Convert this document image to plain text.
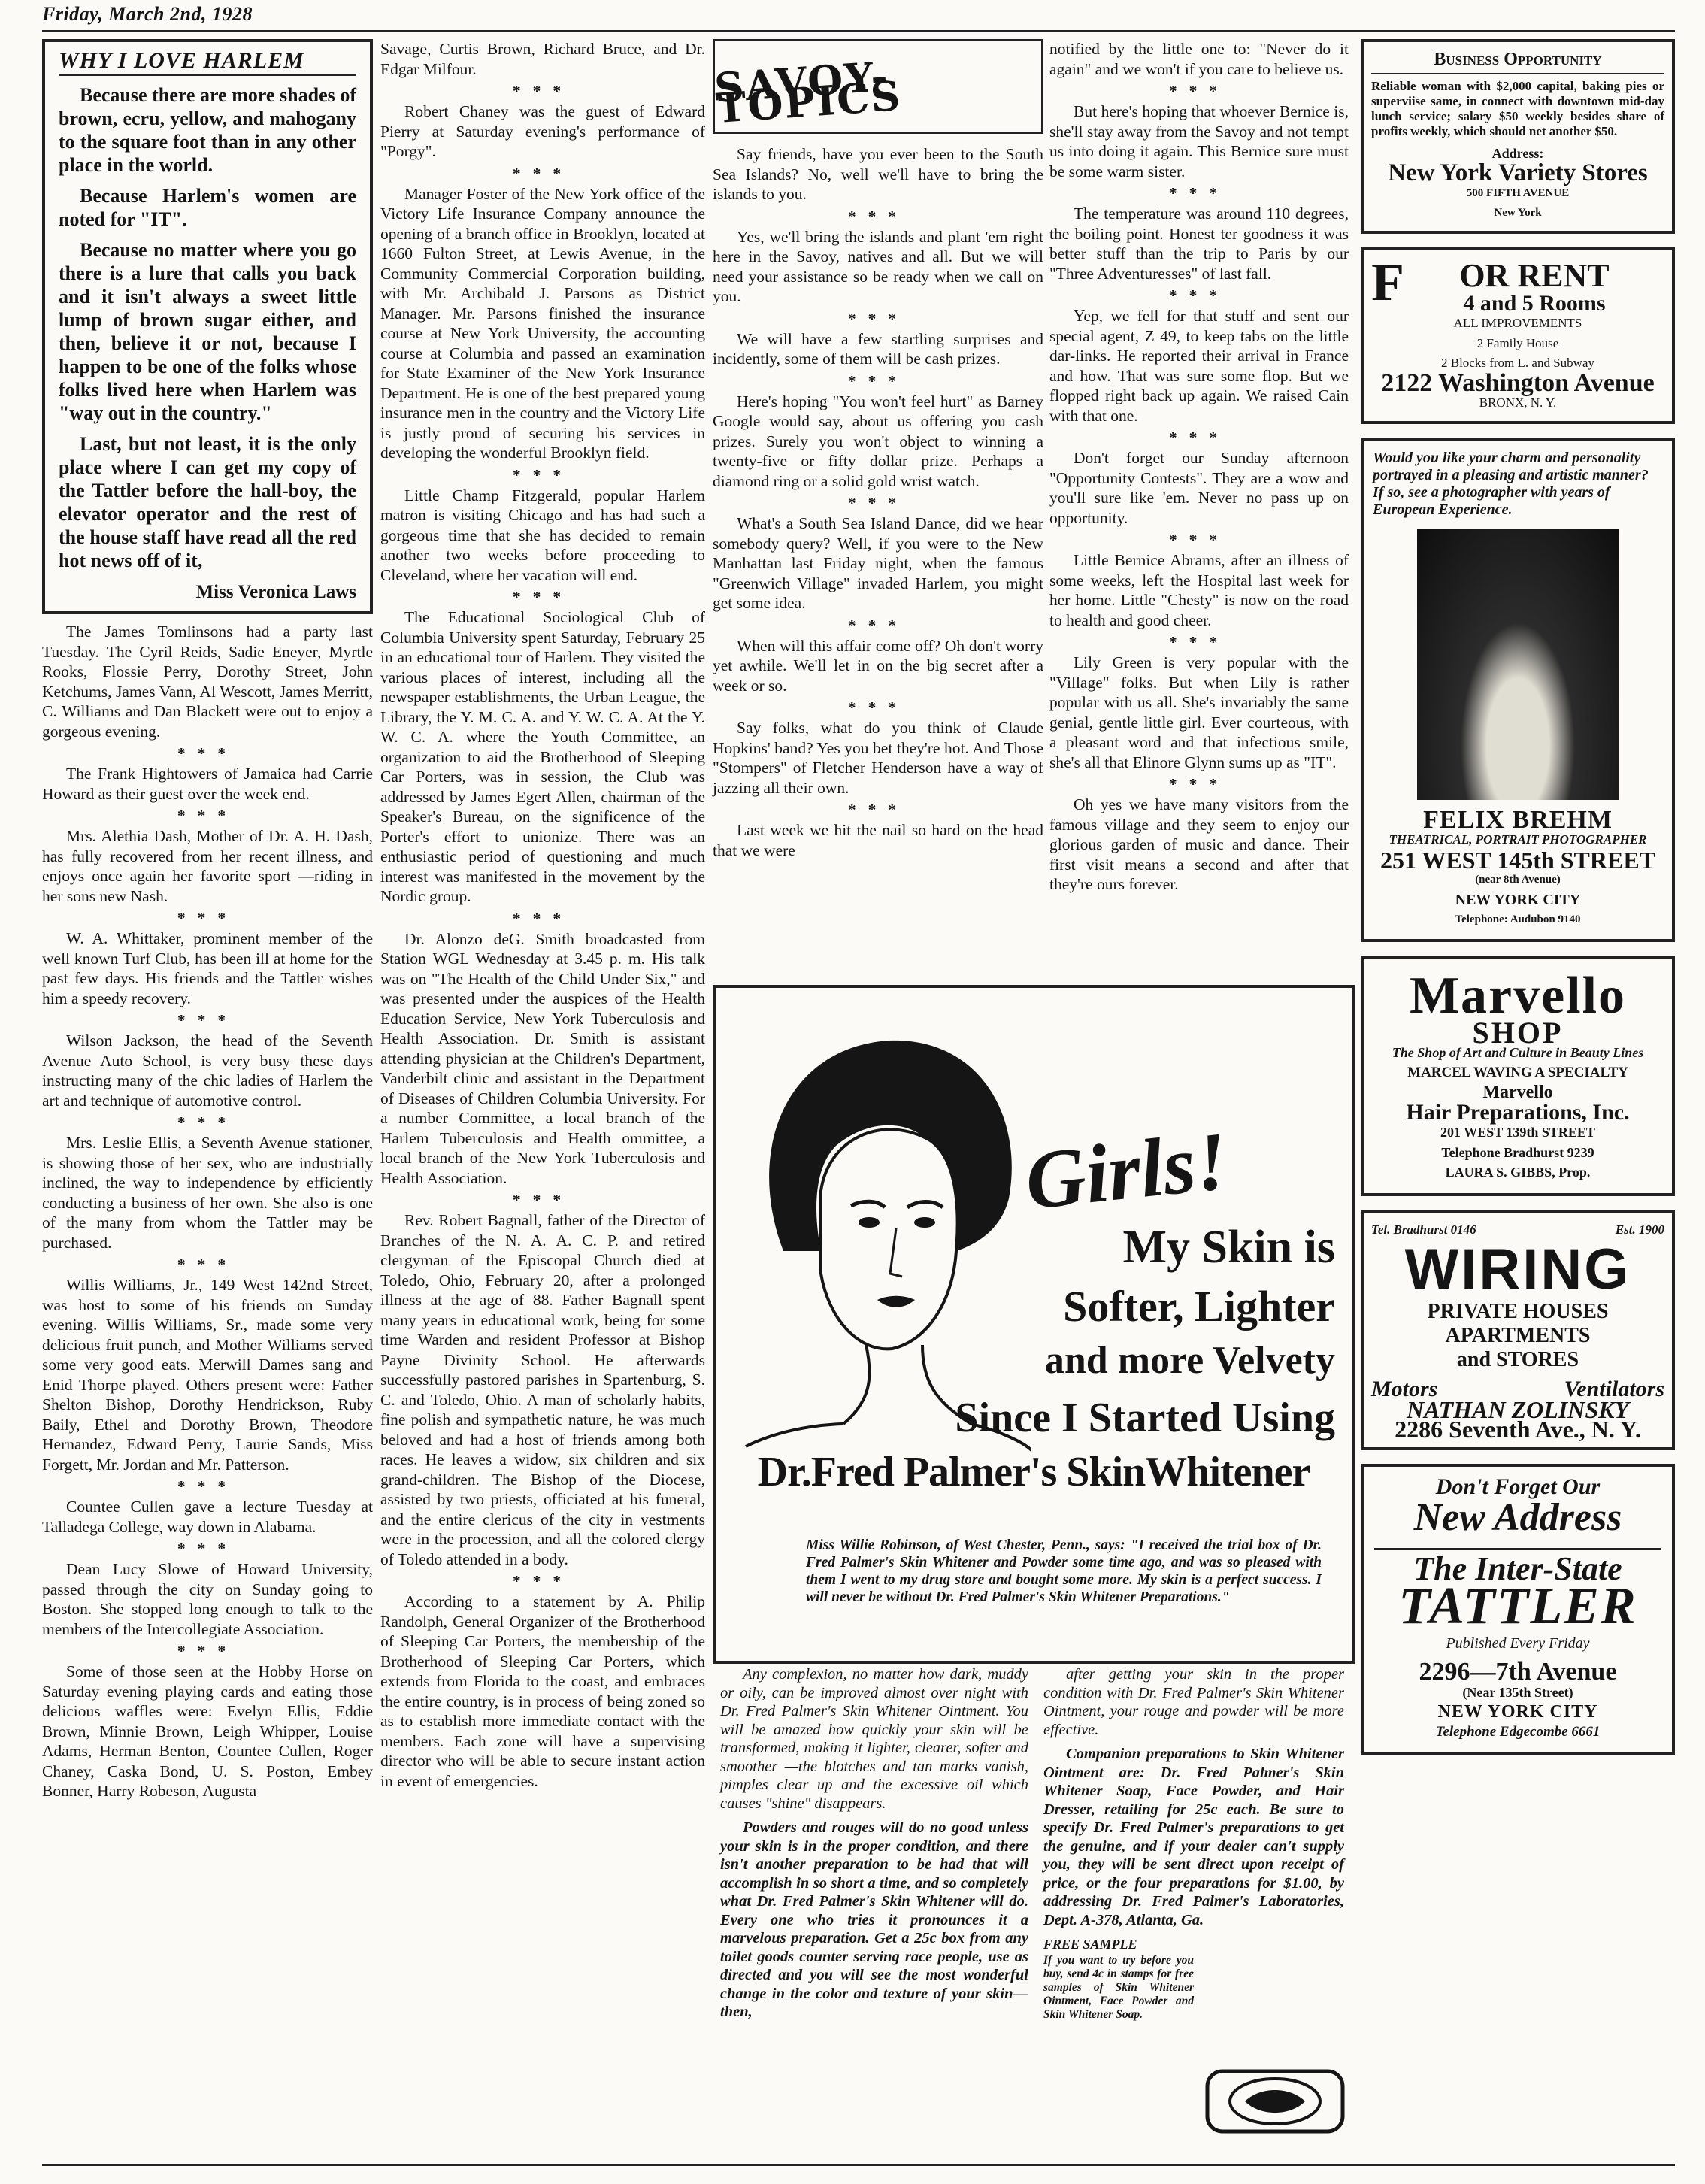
Friday, March 2nd, 1928
WHY I LOVE HARLEM

Because there are more shades of brown, ecru, yellow, and mahogany to the square foot than in any other place in the world.

Because Harlem's women are noted for "IT".

Because no matter where you go there is a lure that calls you back and it isn't always a sweet little lump of brown sugar either, and then, believe it or not, because I happen to be one of the folks whose folks lived here when Harlem was "way out in the country."

Last, but not least, it is the only place where I can get my copy of the Tattler before the hall-boy, the elevator operator and the rest of the house staff have read all the red hot news off of it,

Miss Veronica Laws

The James Tomlinsons had a party last Tuesday. The Cyril Reids, Sadie Eneyer, Myrtle Rooks, Flossie Perry, Dorothy Street, John Ketchums, James Vann, Al Wescott, James Merritt, C. Williams and Dan Blackett were out to enjoy a gorgeous evening.

***

The Frank Hightowers of Jamaica had Carrie Howard as their guest over the week end.

***

Mrs. Alethia Dash, Mother of Dr. A. H. Dash, has fully recovered from her recent illness, and enjoys once again her favorite sport —riding in her sons new Nash.

***

W. A. Whittaker, prominent member of the well known Turf Club, has been ill at home for the past few days. His friends and the Tattler wishes him a speedy recovery.

***

Wilson Jackson, the head of the Seventh Avenue Auto School, is very busy these days instructing many of the chic ladies of Harlem the art and technique of automotive control.

***

Mrs. Leslie Ellis, a Seventh Avenue stationer, is showing those of her sex, who are industrially inclined, the way to independence by efficiently conducting a business of her own. She also is one of the many from whom the Tattler may be purchased.

***

Willis Williams, Jr., 149 West 142nd Street, was host to some of his friends on Sunday evening. Willis Williams, Sr., made some very delicious fruit punch, and Mother Williams served some very good eats. Merwill Dames sang and Enid Thorpe played. Others present were: Father Shelton Bishop, Dorothy Hendrickson, Ruby Baily, Ethel and Dorothy Brown, Theodore Hernandez, Edward Perry, Laurie Sands, Miss Forgett, Mr. Jordan and Mr. Patterson.

***

Countee Cullen gave a lecture Tuesday at Talladega College, way down in Alabama.

***

Dean Lucy Slowe of Howard University, passed through the city on Sunday going to Boston. She stopped long enough to talk to the members of the Intercollegiate Association.

***

Some of those seen at the Hobby Horse on Saturday evening playing cards and eating those delicious waffles were: Evelyn Ellis, Eddie Brown, Minnie Brown, Leigh Whipper, Louise Adams, Herman Benton, Countee Cullen, Roger Chaney, Caska Bond, U. S. Poston, Embey Bonner, Harry Robeson, Augusta

Savage, Curtis Brown, Richard Bruce, and Dr. Edgar Milfour.

***

Robert Chaney was the guest of Edward Pierry at Saturday evening's performance of "Porgy".

***

Manager Foster of the New York office of the Victory Life Insurance Company announce the opening of a branch office in Brooklyn, located at 1660 Fulton Street, at Lewis Avenue, in the Community Commercial Corporation building, with Mr. Archibald J. Parsons as District Manager. Mr. Parsons finished the insurance course at New York University, the accounting course at Columbia and passed an examination for State Examiner of the New York Insurance Department. He is one of the best prepared young insurance men in the country and the Victory Life is justly proud of securing his services in developing the wonderful Brooklyn field.

***

Little Champ Fitzgerald, popular Harlem matron is visiting Chicago and has had such a gorgeous time that she has decided to remain another two weeks before proceeding to Cleveland, where her vacation will end.

***

The Educational Sociological Club of Columbia University spent Saturday, February 25 in an educational tour of Harlem. They visited the various places of interest, including all the newspaper establishments, the Urban League, the Library, the Y. M. C. A. and Y. W. C. A. At the Y. W. C. A. where the Youth Committee, an organization to aid the Brotherhood of Sleeping Car Porters, was in session, the Club was addressed by James Egert Allen, chairman of the Speaker's Bureau, on the significence of the Porter's effort to unionize. There was an enthusiastic period of questioning and much interest was manifested in the movement by the Nordic group.

***

Dr. Alonzo deG. Smith broadcasted from Station WGL Wednesday at 3.45 p. m. His talk was on "The Health of the Child Under Six," and was presented under the auspices of the Health Education Service, New York Tuberculosis and Health Association. Dr. Smith is assistant attending physician at the Children's Department, Vanderbilt clinic and assistant in the Department of Diseases of Children Columbia University. For a number Committee, a local branch of the Harlem Tuberculosis and Health ommittee, a local branch of the New York Tuberculosis and Health Association.

***

Rev. Robert Bagnall, father of the Director of Branches of the N. A. A. C. P. and retired clergyman of the Episcopal Church died at Toledo, Ohio, February 20, after a prolonged illness at the age of 88. Father Bagnall spent many years in educational work, being for some time Warden and resident Professor at Bishop Payne Divinity School. He afterwards successfully pastored parishes in Spartenburg, S. C. and Toledo, Ohio. A man of scholarly habits, fine polish and sympathetic nature, he was much beloved and had a host of friends among both races. He leaves a widow, six children and six grand-children. The Bishop of the Diocese, assisted by two priests, officiated at his funeral, and the entire clericus of the city in vestments were in the procession, and all the colored clergy of Toledo attended in a body.

***

According to a statement by A. Philip Randolph, General Organizer of the Brotherhood of Sleeping Car Porters, the membership of the Brotherhood of Sleeping Car Porters, which extends from Florida to the coast, and embraces the entire country, is in process of being zoned so as to establish more immediate contact with the members. Each zone will have a supervising director who will be able to secure instant action in event of emergencies.

SAVOY-TOPICS

Say friends, have you ever been to the South Sea Islands? No, well we'll have to bring the islands to you.

***

Yes, we'll bring the islands and plant 'em right here in the Savoy, natives and all. But we will need your assistance so be ready when we call on you.

***

We will have a few startling surprises and incidently, some of them will be cash prizes.

***

Here's hoping "You won't feel hurt" as Barney Google would say, about us offering you cash prizes. Surely you won't object to winning a twenty-five or fifty dollar prize. Perhaps a diamond ring or a solid gold wrist watch.

***

What's a South Sea Island Dance, did we hear somebody query? Well, if you were to the New Manhattan last Friday night, when the famous "Greenwich Village" invaded Harlem, you might get some idea.

***

When will this affair come off? Oh don't worry yet awhile. We'll let in on the big secret after a week or so.

***

Say folks, what do you think of Claude Hopkins' band? Yes you bet they're hot. And Those "Stompers" of Fletcher Henderson have a way of jazzing all their own.

***

Last week we hit the nail so hard on the head that we were

notified by the little one to: "Never do it again" and we won't if you care to believe us.

***

But here's hoping that whoever Bernice is, she'll stay away from the Savoy and not tempt us into doing it again. This Bernice sure must be some warm sister.

***

The temperature was around 110 degrees, the boiling point. Honest ter goodness it was better stuff than the trip to Paris by our "Three Adventuresses" of last fall.

***

Yep, we fell for that stuff and sent our special agent, Z 49, to keep tabs on the little dar-links. He reported their arrival in France and how. That was sure some flop. But we flopped right back up again. We raised Cain with that one.

***

Don't forget our Sunday afternoon "Opportunity Contests". They are a wow and you'll sure like 'em. Never no pass up on opportunity.

***

Little Bernice Abrams, after an illness of some weeks, left the Hospital last week for her home. Little "Chesty" is now on the road to health and good cheer.

***

Lily Green is very popular with the "Village" folks. But when Lily is rather popular with us all. She's invariably the same genial, gentle little girl. Ever courteous, with a pleasant word and that infectious smile, she's all that Elinore Glynn sums up as "IT".

***

Oh yes we have many visitors from the famous village and they seem to enjoy our glorious garden of music and dance. Their first visit means a second and after that they're ours forever.

Girls!
My Skin is
Softer, Lighter
and more Velvety
Since I Started Using
Dr.Fred Palmer's SkinWhitener
Miss Willie Robinson, of West Chester, Penn., says: "I received the trial box of Dr. Fred Palmer's Skin Whitener and Powder some time ago, and was so pleased with them I went to my drug store and bought some more. My skin is a perfect success. I will never be without Dr. Fred Palmer's Skin Whitener Preparations."

Any complexion, no matter how dark, muddy or oily, can be improved almost over night with Dr. Fred Palmer's Skin Whitener Ointment. You will be amazed how quickly your skin will be transformed, making it lighter, clearer, softer and smoother —the blotches and tan marks vanish, pimples clear up and the excessive oil which causes "shine" disappears.

Powders and rouges will do no good unless your skin is in the proper condition, and there isn't another preparation to be had that will accomplish in so short a time, and so completely what Dr. Fred Palmer's Skin Whitener will do. Every one who tries it pronounces it a marvelous preparation. Get a 25c box from any toilet goods counter serving race people, use as directed and you will see the most wonderful change in the color and texture of your skin—then,

after getting your skin in the proper condition with Dr. Fred Palmer's Skin Whitener Ointment, your rouge and powder will be more effective.

Companion preparations to Skin Whitener Ointment are: Dr. Fred Palmer's Skin Whitener Soap, Face Powder, and Hair Dresser, retailing for 25c each. Be sure to specify Dr. Fred Palmer's preparations to get the genuine, and if your dealer can't supply you, they will be sent direct upon receipt of price, or the four preparations for $1.00, by addressing Dr. Fred Palmer's Laboratories, Dept. A-378, Atlanta, Ga.

FREE SAMPLE
If you want to try before you buy, send 4c in stamps for free samples of Skin Whitener Ointment, Face Powder and Skin Whitener Soap.
Business Opportunity
Reliable woman with $2,000 capital, baking pies or superviise same, in connect with downtown mid-day lunch service; salary $50 weekly besides share of profits weekly, which should net another $50.
Address:
New York Variety Stores
500 FIFTH AVENUE
New York
F	OR RENT
4 and 5 Rooms
ALL IMPROVEMENTS
2 Family House
2 Blocks from L. and Subway
2122 Washington Avenue
BRONX, N. Y.
Would you like your charm and personality portrayed in a pleasing and artistic manner? If so, see a photographer with years of European Experience.
FELIX BREHM
THEATRICAL, PORTRAIT PHOTOGRAPHER
251 WEST 145th STREET
(near 8th Avenue)
NEW YORK CITY
Telephone: Audubon 9140
Marvello
SHOP
The Shop of Art and Culture in Beauty Lines
MARCEL WAVING A SPECIALTY
Marvello
Hair Preparations, Inc.
201 WEST 139th STREET
Telephone Bradhurst 9239
LAURA S. GIBBS, Prop.
Tel. Bradhurst 0146	Est. 1900
WIRING
PRIVATE HOUSES
APARTMENTS
and STORES
Motors	Ventilators
NATHAN ZOLINSKY
2286 Seventh Ave., N. Y.
Don't Forget Our
New Address
The Inter-State
TATTLER
Published Every Friday
2296—7th Avenue
(Near 135th Street)
NEW YORK CITY
Telephone Edgecombe 6661
